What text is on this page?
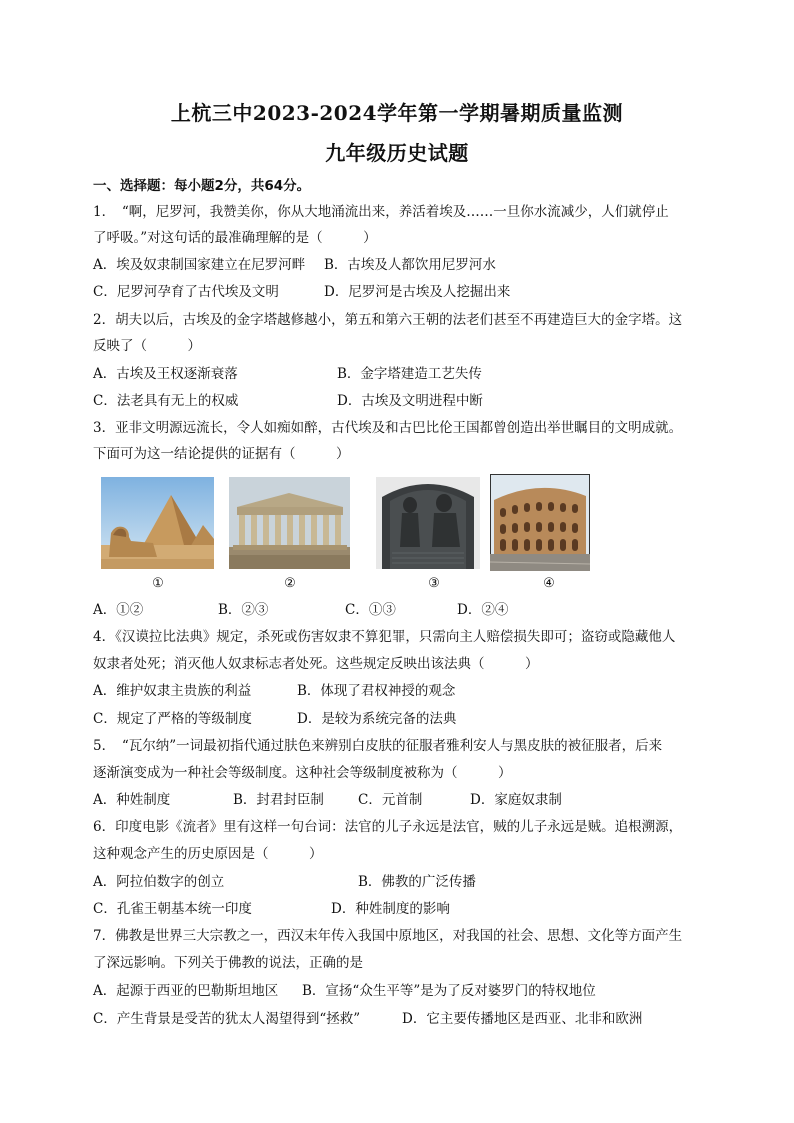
上杭三中2023-2024学年第一学期暑期质量监测
九年级历史试题
一、选择题：每小题2分，共64分。
1．　“啊，尼罗河，我赞美你，你从大地涌流出来，养活着埃及……一旦你水流减少，人们就停止
了呼吸。”对这句话的最准确理解的是（　　　）
A．埃及奴隶制国家建立在尼罗河畔 B．古埃及人都饮用尼罗河水
C．尼罗河孕育了古代埃及文明	D．尼罗河是古埃及人挖掘出来
2．胡夫以后，古埃及的金字塔越修越小，第五和第六王朝的法老们甚至不再建造巨大的金字塔。这
反映了（　　　）
A．古埃及王权逐渐衰落	B．金字塔建造工艺失传
C．法老具有无上的权威	D．古埃及文明进程中断
3．亚非文明源远流长，令人如痴如醉，古代埃及和古巴比伦王国都曾创造出举世瞩目的文明成就。
下面可为这一结论提供的证据有（　　　）
①	②	③	④
A．①②	B．②③	C．①③	D．②④
4．《汉谟拉比法典》规定，杀死或伤害奴隶不算犯罪，只需向主人赔偿损失即可；盗窃或隐藏他人
奴隶者处死；消灭他人奴隶标志者处死。这些规定反映出该法典（　　　）
A．维护奴隶主贵族的利益	B．体现了君权神授的观念
C．规定了严格的等级制度	D．是较为系统完备的法典
5．　“瓦尔纳”一词最初指代通过肤色来辨别白皮肤的征服者雅利安人与黑皮肤的被征服者，后来
逐渐演变成为一种社会等级制度。这种社会等级制度被称为（　　　）
A．种姓制度	B．封君封臣制	C．元首制	D．家庭奴隶制
6．印度电影《流者》里有这样一句台词：法官的儿子永远是法官，贼的儿子永远是贼。追根溯源，
这种观念产生的历史原因是（　　　）
A．阿拉伯数字的创立	B．佛教的广泛传播
C．孔雀王朝基本统一印度	D．种姓制度的影响
7．佛教是世界三大宗教之一，西汉末年传入我国中原地区，对我国的社会、思想、文化等方面产生
了深远影响。下列关于佛教的说法，正确的是
A．起源于西亚的巴勒斯坦地区 B．宣扬“众生平等”是为了反对婆罗门的特权地位
C．产生背景是受苦的犹太人渴望得到“拯救”	D．它主要传播地区是西亚、北非和欧洲
